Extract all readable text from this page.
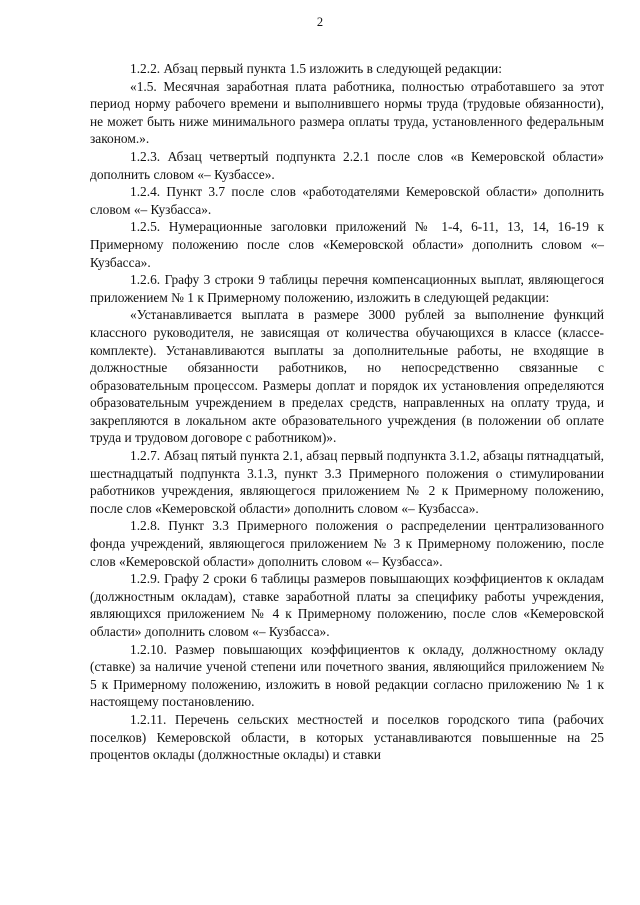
2

1.2.2. Абзац первый пункта 1.5 изложить в следующей редакции:

«1.5. Месячная заработная плата работника, полностью отработавшего за этот период норму рабочего времени и выполнившего нормы труда (трудовые обязанности), не может быть ниже минимального размера оплаты труда, установленного федеральным законом.».

1.2.3. Абзац четвертый подпункта 2.2.1 после слов «в Кемеровской области» дополнить словом «– Кузбассе».

1.2.4. Пункт 3.7 после слов «работодателями Кемеровской области» дополнить словом «– Кузбасса».

1.2.5. Нумерационные заголовки приложений № 1-4, 6-11, 13, 14, 16-19 к Примерному положению после слов «Кемеровской области» дополнить словом «– Кузбасса».

1.2.6. Графу 3 строки 9 таблицы перечня компенсационных выплат, являющегося приложением № 1 к Примерному положению, изложить в следующей редакции:

«Устанавливается выплата в размере 3000 рублей за выполнение функций классного руководителя, не зависящая от количества обучающихся в классе (классе-комплекте). Устанавливаются выплаты за дополнительные работы, не входящие в должностные обязанности работников, но непосредственно связанные с образовательным процессом. Размеры доплат и порядок их установления определяются образовательным учреждением в пределах средств, направленных на оплату труда, и закрепляются в локальном акте образовательного учреждения (в положении об оплате труда и трудовом договоре с работником)».

1.2.7. Абзац пятый пункта 2.1, абзац первый подпункта 3.1.2, абзацы пятнадцатый, шестнадцатый подпункта 3.1.3, пункт 3.3 Примерного положения о стимулировании работников учреждения, являющегося приложением № 2 к Примерному положению, после слов «Кемеровской области» дополнить словом «– Кузбасса».

1.2.8. Пункт 3.3 Примерного положения о распределении централизованного фонда учреждений, являющегося приложением № 3 к Примерному положению, после слов «Кемеровской области» дополнить словом «– Кузбасса».

1.2.9. Графу 2 сроки 6 таблицы размеров повышающих коэффициентов к окладам (должностным окладам), ставке заработной платы за специфику работы учреждения, являющихся приложением № 4 к Примерному положению, после слов «Кемеровской области» дополнить словом «– Кузбасса».

1.2.10. Размер повышающих коэффициентов к окладу, должностному окладу (ставке) за наличие ученой степени или почетного звания, являющийся приложением № 5 к Примерному положению, изложить в новой редакции согласно приложению № 1 к настоящему постановлению.

1.2.11. Перечень сельских местностей и поселков городского типа (рабочих поселков) Кемеровской области, в которых устанавливаются повышенные на 25 процентов оклады (должностные оклады) и ставки
